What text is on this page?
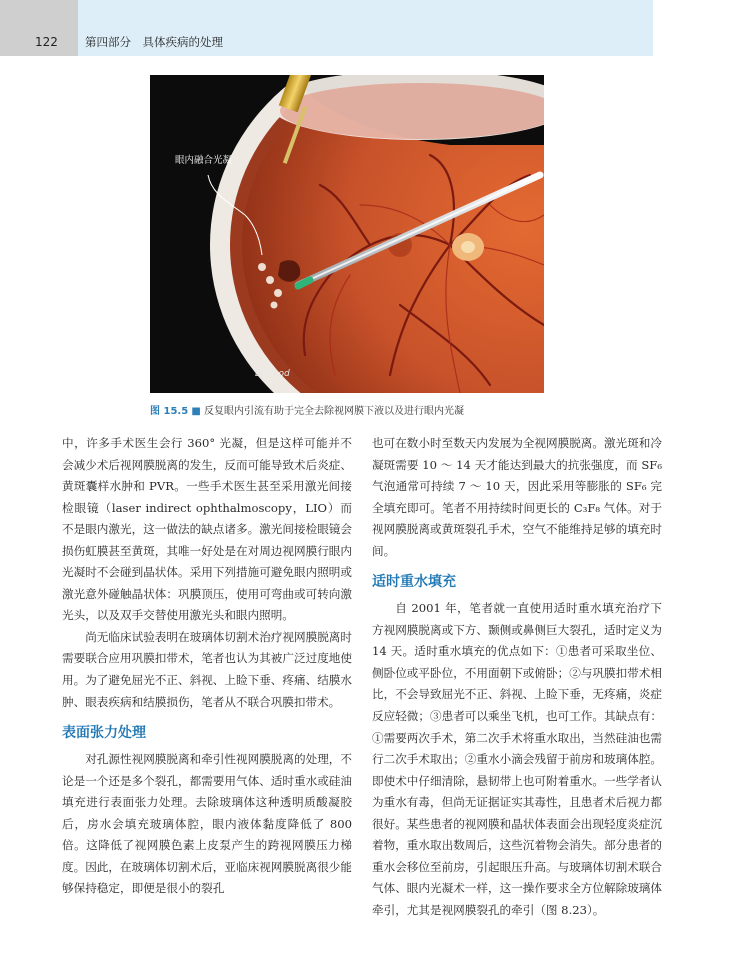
122 第四部分　具体疾病的处理
眼内融合光凝
B.Wood
图 15.5 ■ 反复眼内引流有助于完全去除视网膜下液以及进行眼内光凝

中，许多手术医生会行 360° 光凝，但是这样可能并不会减少术后视网膜脱离的发生，反而可能导致术后炎症、黄斑囊样水肿和 PVR。一些手术医生甚至采用激光间接检眼镜（laser indirect ophthalmoscopy，LIO）而不是眼内激光，这一做法的缺点诸多。激光间接检眼镜会损伤虹膜甚至黄斑，其唯一好处是在对周边视网膜行眼内光凝时不会碰到晶状体。采用下列措施可避免眼内照明或激光意外碰触晶状体：巩膜顶压，使用可弯曲或可转向激光头，以及双手交替使用激光头和眼内照明。

尚无临床试验表明在玻璃体切割术治疗视网膜脱离时需要联合应用巩膜扣带术，笔者也认为其被广泛过度地使用。为了避免屈光不正、斜视、上睑下垂、疼痛、结膜水肿、眼表疾病和结膜损伤，笔者从不联合巩膜扣带术。

表面张力处理

对孔源性视网膜脱离和牵引性视网膜脱离的处理，不论是一个还是多个裂孔，都需要用气体、适时重水或硅油填充进行表面张力处理。去除玻璃体这种透明质酸凝胶后，房水会填充玻璃体腔，眼内液体黏度降低了 800 倍。这降低了视网膜色素上皮泵产生的跨视网膜压力梯度。因此，在玻璃体切割术后，亚临床视网膜脱离很少能够保持稳定，即便是很小的裂孔

也可在数小时至数天内发展为全视网膜脱离。激光斑和冷凝斑需要 10 ～ 14 天才能达到最大的抗张强度，而 SF₆ 气泡通常可持续 7 ～ 10 天，因此采用等膨胀的 SF₆ 完全填充即可。笔者不用持续时间更长的 C₃F₈ 气体。对于视网膜脱离或黄斑裂孔手术，空气不能维持足够的填充时间。

适时重水填充

自 2001 年，笔者就一直使用适时重水填充治疗下方视网膜脱离或下方、颞侧或鼻侧巨大裂孔，适时定义为 14 天。适时重水填充的优点如下：①患者可采取坐位、侧卧位或平卧位，不用面朝下或俯卧；②与巩膜扣带术相比，不会导致屈光不正、斜视、上睑下垂，无疼痛，炎症反应轻微；③患者可以乘坐飞机，也可工作。其缺点有：①需要两次手术，第二次手术将重水取出，当然硅油也需行二次手术取出；②重水小滴会残留于前房和玻璃体腔。即使术中仔细清除，悬韧带上也可附着重水。一些学者认为重水有毒，但尚无证据证实其毒性，且患者术后视力都很好。某些患者的视网膜和晶状体表面会出现轻度炎症沉着物，重水取出数周后，这些沉着物会消失。部分患者的重水会移位至前房，引起眼压升高。与玻璃体切割术联合气体、眼内光凝术一样，这一操作要求全方位解除玻璃体牵引，尤其是视网膜裂孔的牵引（图 8.23）。
